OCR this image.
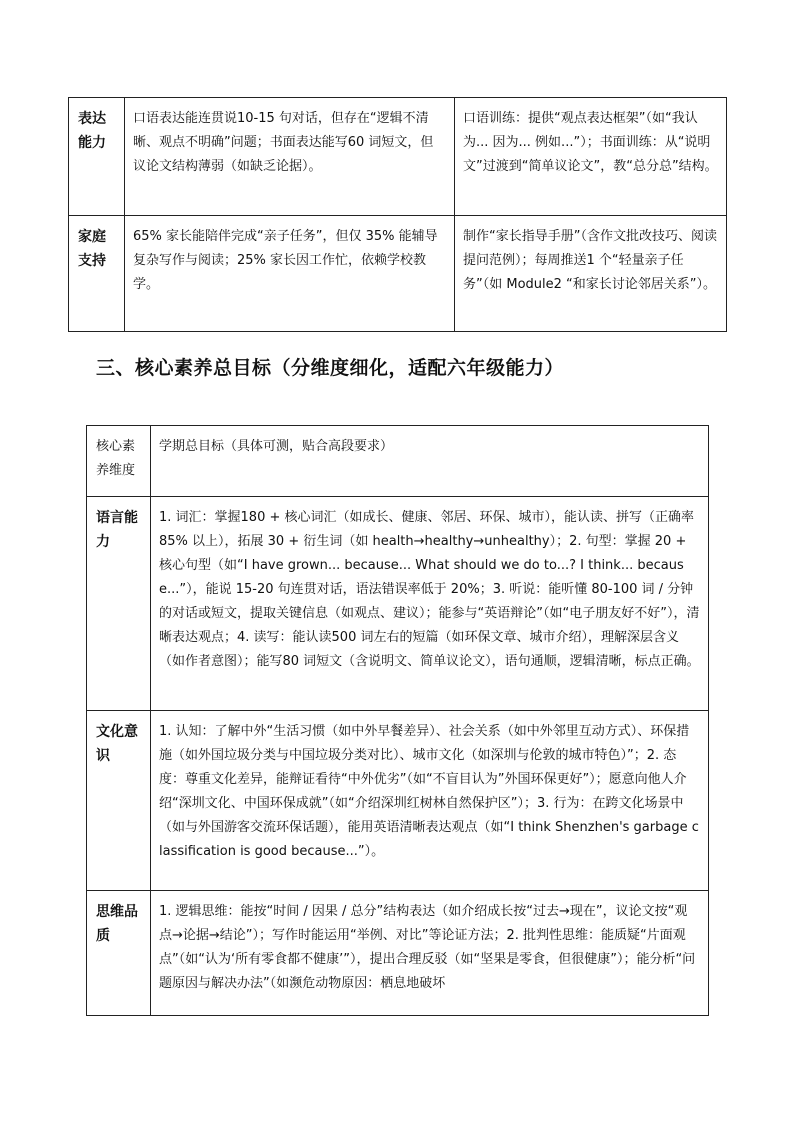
表达能力	口语表达能连贯说10-15 句对话，但存在“逻辑不清晰、观点不明确”问题；书面表达能写60 词短文，但议论文结构薄弱（如缺乏论据）。	口语训练：提供“观点表达框架”（如“我认为... 因为... 例如...”）；书面训练：从“说明文”过渡到“简单议论文”，教“总分总”结构。
家庭支持	65% 家长能陪伴完成“亲子任务”，但仅 35% 能辅导复杂写作与阅读；25% 家长因工作忙，依赖学校教学。	制作“家长指导手册”（含作文批改技巧、阅读提问范例）；每周推送1 个“轻量亲子任务”（如 Module2 “和家长讨论邻居关系”）。
三、核心素养总目标（分维度细化，适配六年级能力）
核心素养维度	学期总目标（具体可测，贴合高段要求）
语言能力	1. 词汇：掌握180 + 核心词汇（如成长、健康、邻居、环保、城市），能认读、拼写（正确率 85% 以上），拓展 30 + 衍生词（如 health→healthy→unhealthy）；2. 句型：掌握 20 + 核心句型（如“I have grown... because... What should we do to...? I think... because...”），能说 15-20 句连贯对话，语法错误率低于 20%；3. 听说：能听懂 80-100 词 / 分钟的对话或短文，提取关键信息（如观点、建议）；能参与“英语辩论”（如“电子朋友好不好”），清晰表达观点；4. 读写：能认读500 词左右的短篇（如环保文章、城市介绍），理解深层含义（如作者意图）；能写80 词短文（含说明文、简单议论文），语句通顺，逻辑清晰，标点正确。
文化意识	1. 认知：了解中外“生活习惯（如中外早餐差异）、社会关系（如中外邻里互动方式）、环保措施（如外国垃圾分类与中国垃圾分类对比）、城市文化（如深圳与伦敦的城市特色）”；2. 态度：尊重文化差异，能辩证看待“中外优劣”（如“不盲目认为”外国环保更好”）；愿意向他人介绍“深圳文化、中国环保成就”（如“介绍深圳红树林自然保护区”）；3. 行为：在跨文化场景中（如与外国游客交流环保话题），能用英语清晰表达观点（如“I think Shenzhen's garbage classification is good because...”）。
思维品质	1. 逻辑思维：能按“时间 / 因果 / 总分”结构表达（如介绍成长按“过去→现在”，议论文按“观点→论据→结论”）；写作时能运用“举例、对比”等论证方法；2. 批判性思维：能质疑“片面观点”（如“认为‘所有零食都不健康’”），提出合理反驳（如“坚果是零食，但很健康”）；能分析“问题原因与解决办法”（如濒危动物原因：栖息地破坏
